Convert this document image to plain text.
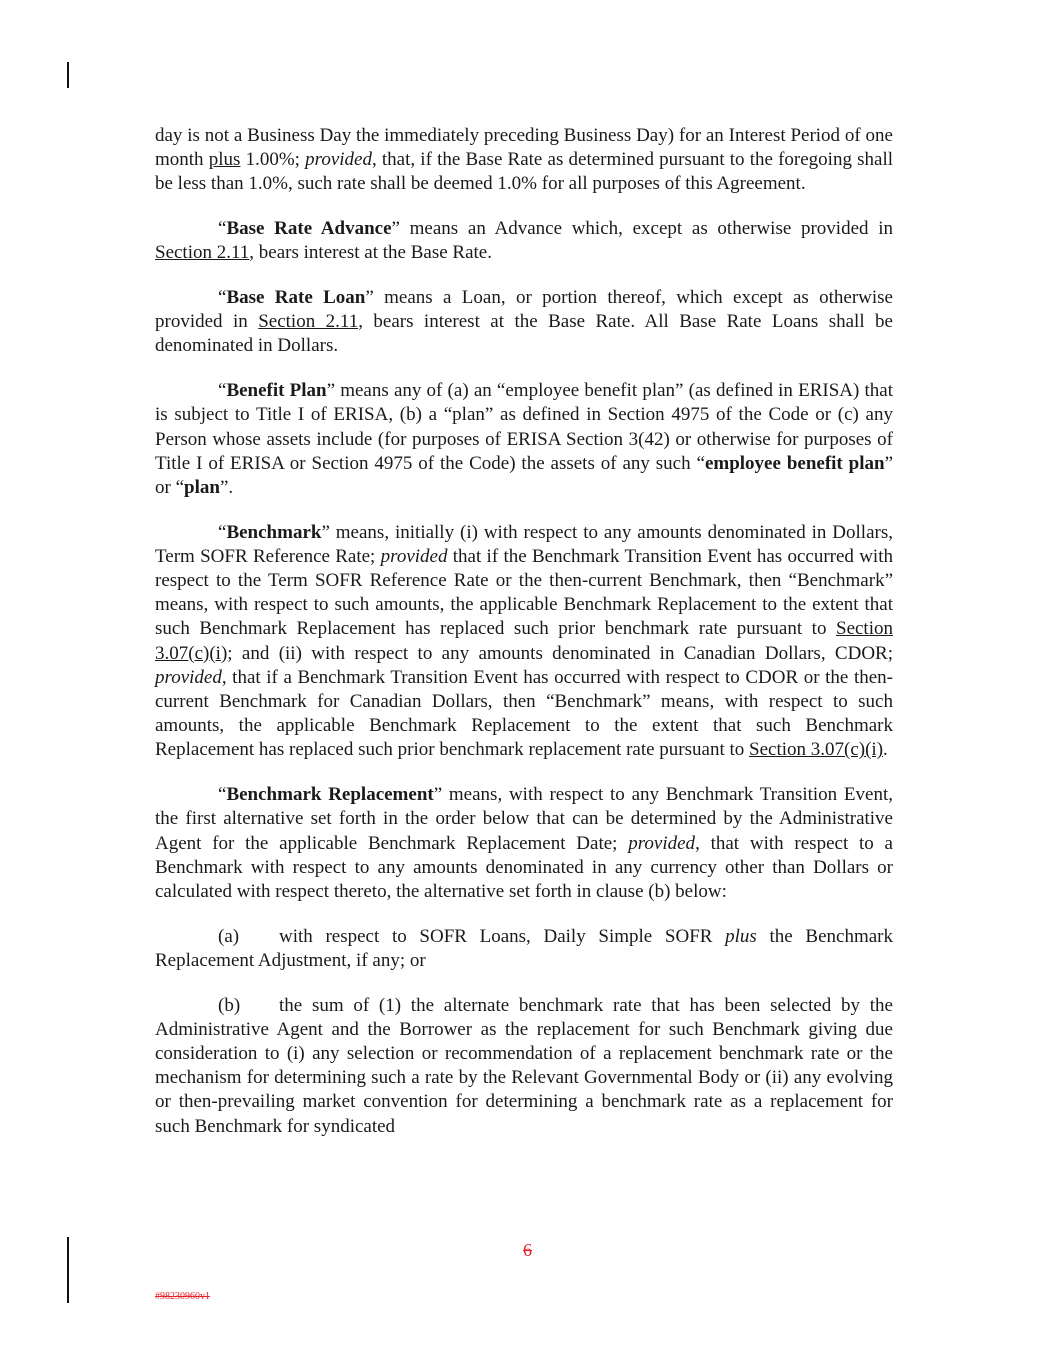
day is not a Business Day the immediately preceding Business Day) for an Interest Period of one month plus 1.00%; provided, that, if the Base Rate as determined pursuant to the foregoing shall be less than 1.0%, such rate shall be deemed 1.0% for all purposes of this Agreement.

“Base Rate Advance” means an Advance which, except as otherwise provided in Section 2.11, bears interest at the Base Rate.

“Base Rate Loan” means a Loan, or portion thereof, which except as otherwise provided in Section 2.11, bears interest at the Base Rate. All Base Rate Loans shall be denominated in Dollars.

“Benefit Plan” means any of (a) an “employee benefit plan” (as defined in ERISA) that is subject to Title I of ERISA, (b) a “plan” as defined in Section 4975 of the Code or (c) any Person whose assets include (for purposes of ERISA Section 3(42) or otherwise for purposes of Title I of ERISA or Section 4975 of the Code) the assets of any such “employee benefit plan” or “plan”.

“Benchmark” means, initially (i) with respect to any amounts denominated in Dollars, Term SOFR Reference Rate; provided that if the Benchmark Transition Event has occurred with respect to the Term SOFR Reference Rate or the then-current Benchmark, then “Benchmark” means, with respect to such amounts, the applicable Benchmark Replacement to the extent that such Benchmark Replacement has replaced such prior benchmark rate pursuant to Section 3.07(c)(i); and (ii) with respect to any amounts denominated in Canadian Dollars, CDOR; provided, that if a Benchmark Transition Event has occurred with respect to CDOR or the then-current Benchmark for Canadian Dollars, then “Benchmark” means, with respect to such amounts, the applicable Benchmark Replacement to the extent that such Benchmark Replacement has replaced such prior benchmark replacement rate pursuant to Section 3.07(c)(i).

“Benchmark Replacement” means, with respect to any Benchmark Transition Event, the first alternative set forth in the order below that can be determined by the Administrative Agent for the applicable Benchmark Replacement Date; provided, that with respect to a Benchmark with respect to any amounts denominated in any currency other than Dollars or calculated with respect thereto, the alternative set forth in clause (b) below:

(a) with respect to SOFR Loans, Daily Simple SOFR plus the Benchmark Replacement Adjustment, if any; or

(b) the sum of (1) the alternate benchmark rate that has been selected by the Administrative Agent and the Borrower as the replacement for such Benchmark giving due consideration to (i) any selection or recommendation of a replacement benchmark rate or the mechanism for determining such a rate by the Relevant Governmental Body or (ii) any evolving or then-prevailing market convention for determining a benchmark rate as a replacement for such Benchmark for syndicated

6
#98230960v1
